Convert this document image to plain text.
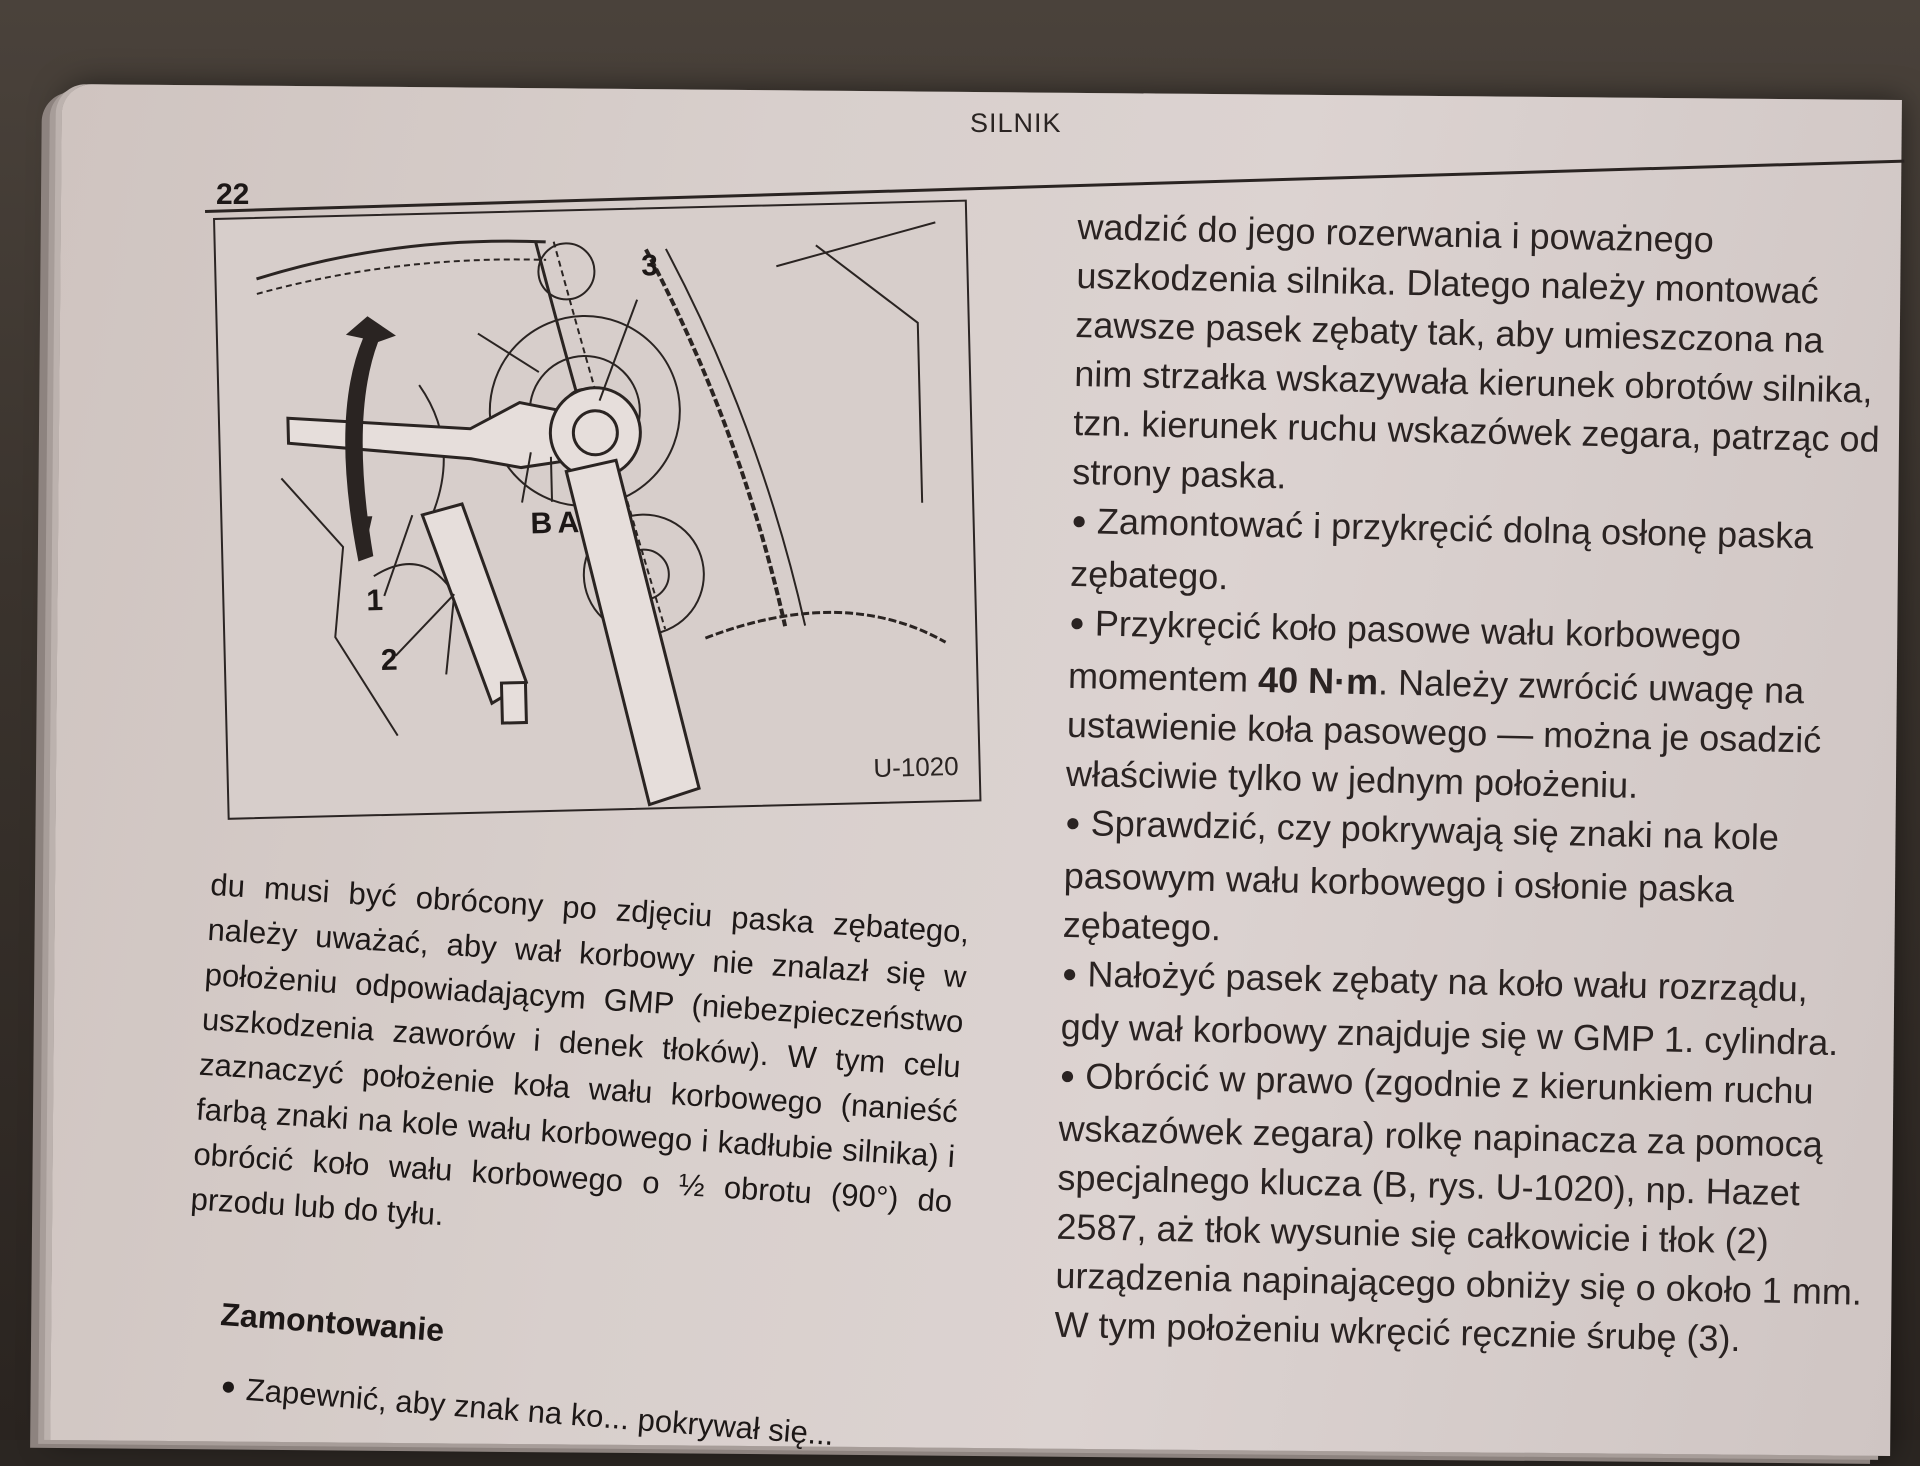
SILNIK
22
3
A
B
1
2
U-1020

du musi być obrócony po zdjęciu paska zębatego, należy uważać, aby wał korbowy nie znalazł się w położeniu odpowiadającym GMP (niebezpieczeństwo uszkodzenia zaworów i denek tłoków). W tym celu zaznaczyć położenie koła wału korbowego (nanieść farbą znaki na kole wału korbowego i kadłubie silnika) i obrócić koło wału korbowego o ½ obrotu (90°) do przodu lub do tyłu.

Zamontowanie
● Zapewnić, aby znak na ko... pokrywał się...

wadzić do jego rozerwania i poważnego uszkodzenia silnika. Dlatego należy montować zawsze pasek zębaty tak, aby umieszczona na nim strzałka wskazywała kierunek obrotów silnika, tzn. kierunek ruchu wskazówek zegara, patrząc od strony paska.

● Zamontować i przykręcić dolną osłonę paska zębatego.

● Przykręcić koło pasowe wału korbowego momentem 40 N·m. Należy zwrócić uwagę na ustawienie koła pasowego — można je osadzić właściwie tylko w jednym położeniu.

● Sprawdzić, czy pokrywają się znaki na kole pasowym wału korbowego i osłonie paska zębatego.

● Nałożyć pasek zębaty na koło wału rozrządu, gdy wał korbowy znajduje się w GMP 1. cylindra.

● Obrócić w prawo (zgodnie z kierunkiem ruchu wskazówek zegara) rolkę napinacza za pomocą specjalnego klucza (B, rys. U-1020), np. Hazet 2587, aż tłok wysunie się całkowicie i tłok (2) urządzenia napinającego obniży się o około 1 mm. W tym położeniu wkręcić ręcznie śrubę (3).
